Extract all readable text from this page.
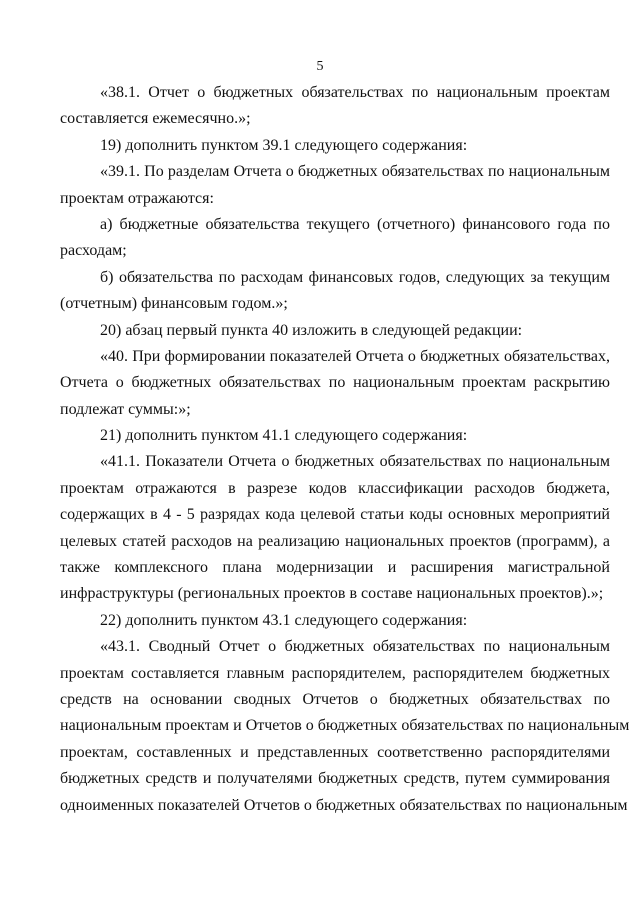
5
«38.1. Отчет о бюджетных обязательствах по национальным проектам
составляется ежемесячно.»;
19) дополнить пунктом 39.1 следующего содержания:
«39.1. По разделам Отчета о бюджетных обязательствах по национальным
проектам отражаются:
а) бюджетные обязательства текущего (отчетного) финансового года по
расходам;
б) обязательства по расходам финансовых годов, следующих за текущим
(отчетным) финансовым годом.»;
20) абзац первый пункта 40 изложить в следующей редакции:
«40. При формировании показателей Отчета о бюджетных обязательствах,
Отчета о бюджетных обязательствах по национальным проектам раскрытию
подлежат суммы:»;
21) дополнить пунктом 41.1 следующего содержания:
«41.1. Показатели Отчета о бюджетных обязательствах по национальным
проектам отражаются в разрезе кодов классификации расходов бюджета,
содержащих в 4 - 5 разрядах кода целевой статьи коды основных мероприятий
целевых статей расходов на реализацию национальных проектов (программ), а
также комплексного плана модернизации и расширения магистральной
инфраструктуры (региональных проектов в составе национальных проектов).»;
22) дополнить пунктом 43.1 следующего содержания:
«43.1. Сводный Отчет о бюджетных обязательствах по национальным
проектам составляется главным распорядителем, распорядителем бюджетных
средств на основании сводных Отчетов о бюджетных обязательствах по
национальным проектам и Отчетов о бюджетных обязательствах по национальным
проектам, составленных и представленных соответственно распорядителями
бюджетных средств и получателями бюджетных средств, путем суммирования
одноименных показателей Отчетов о бюджетных обязательствах по национальным
